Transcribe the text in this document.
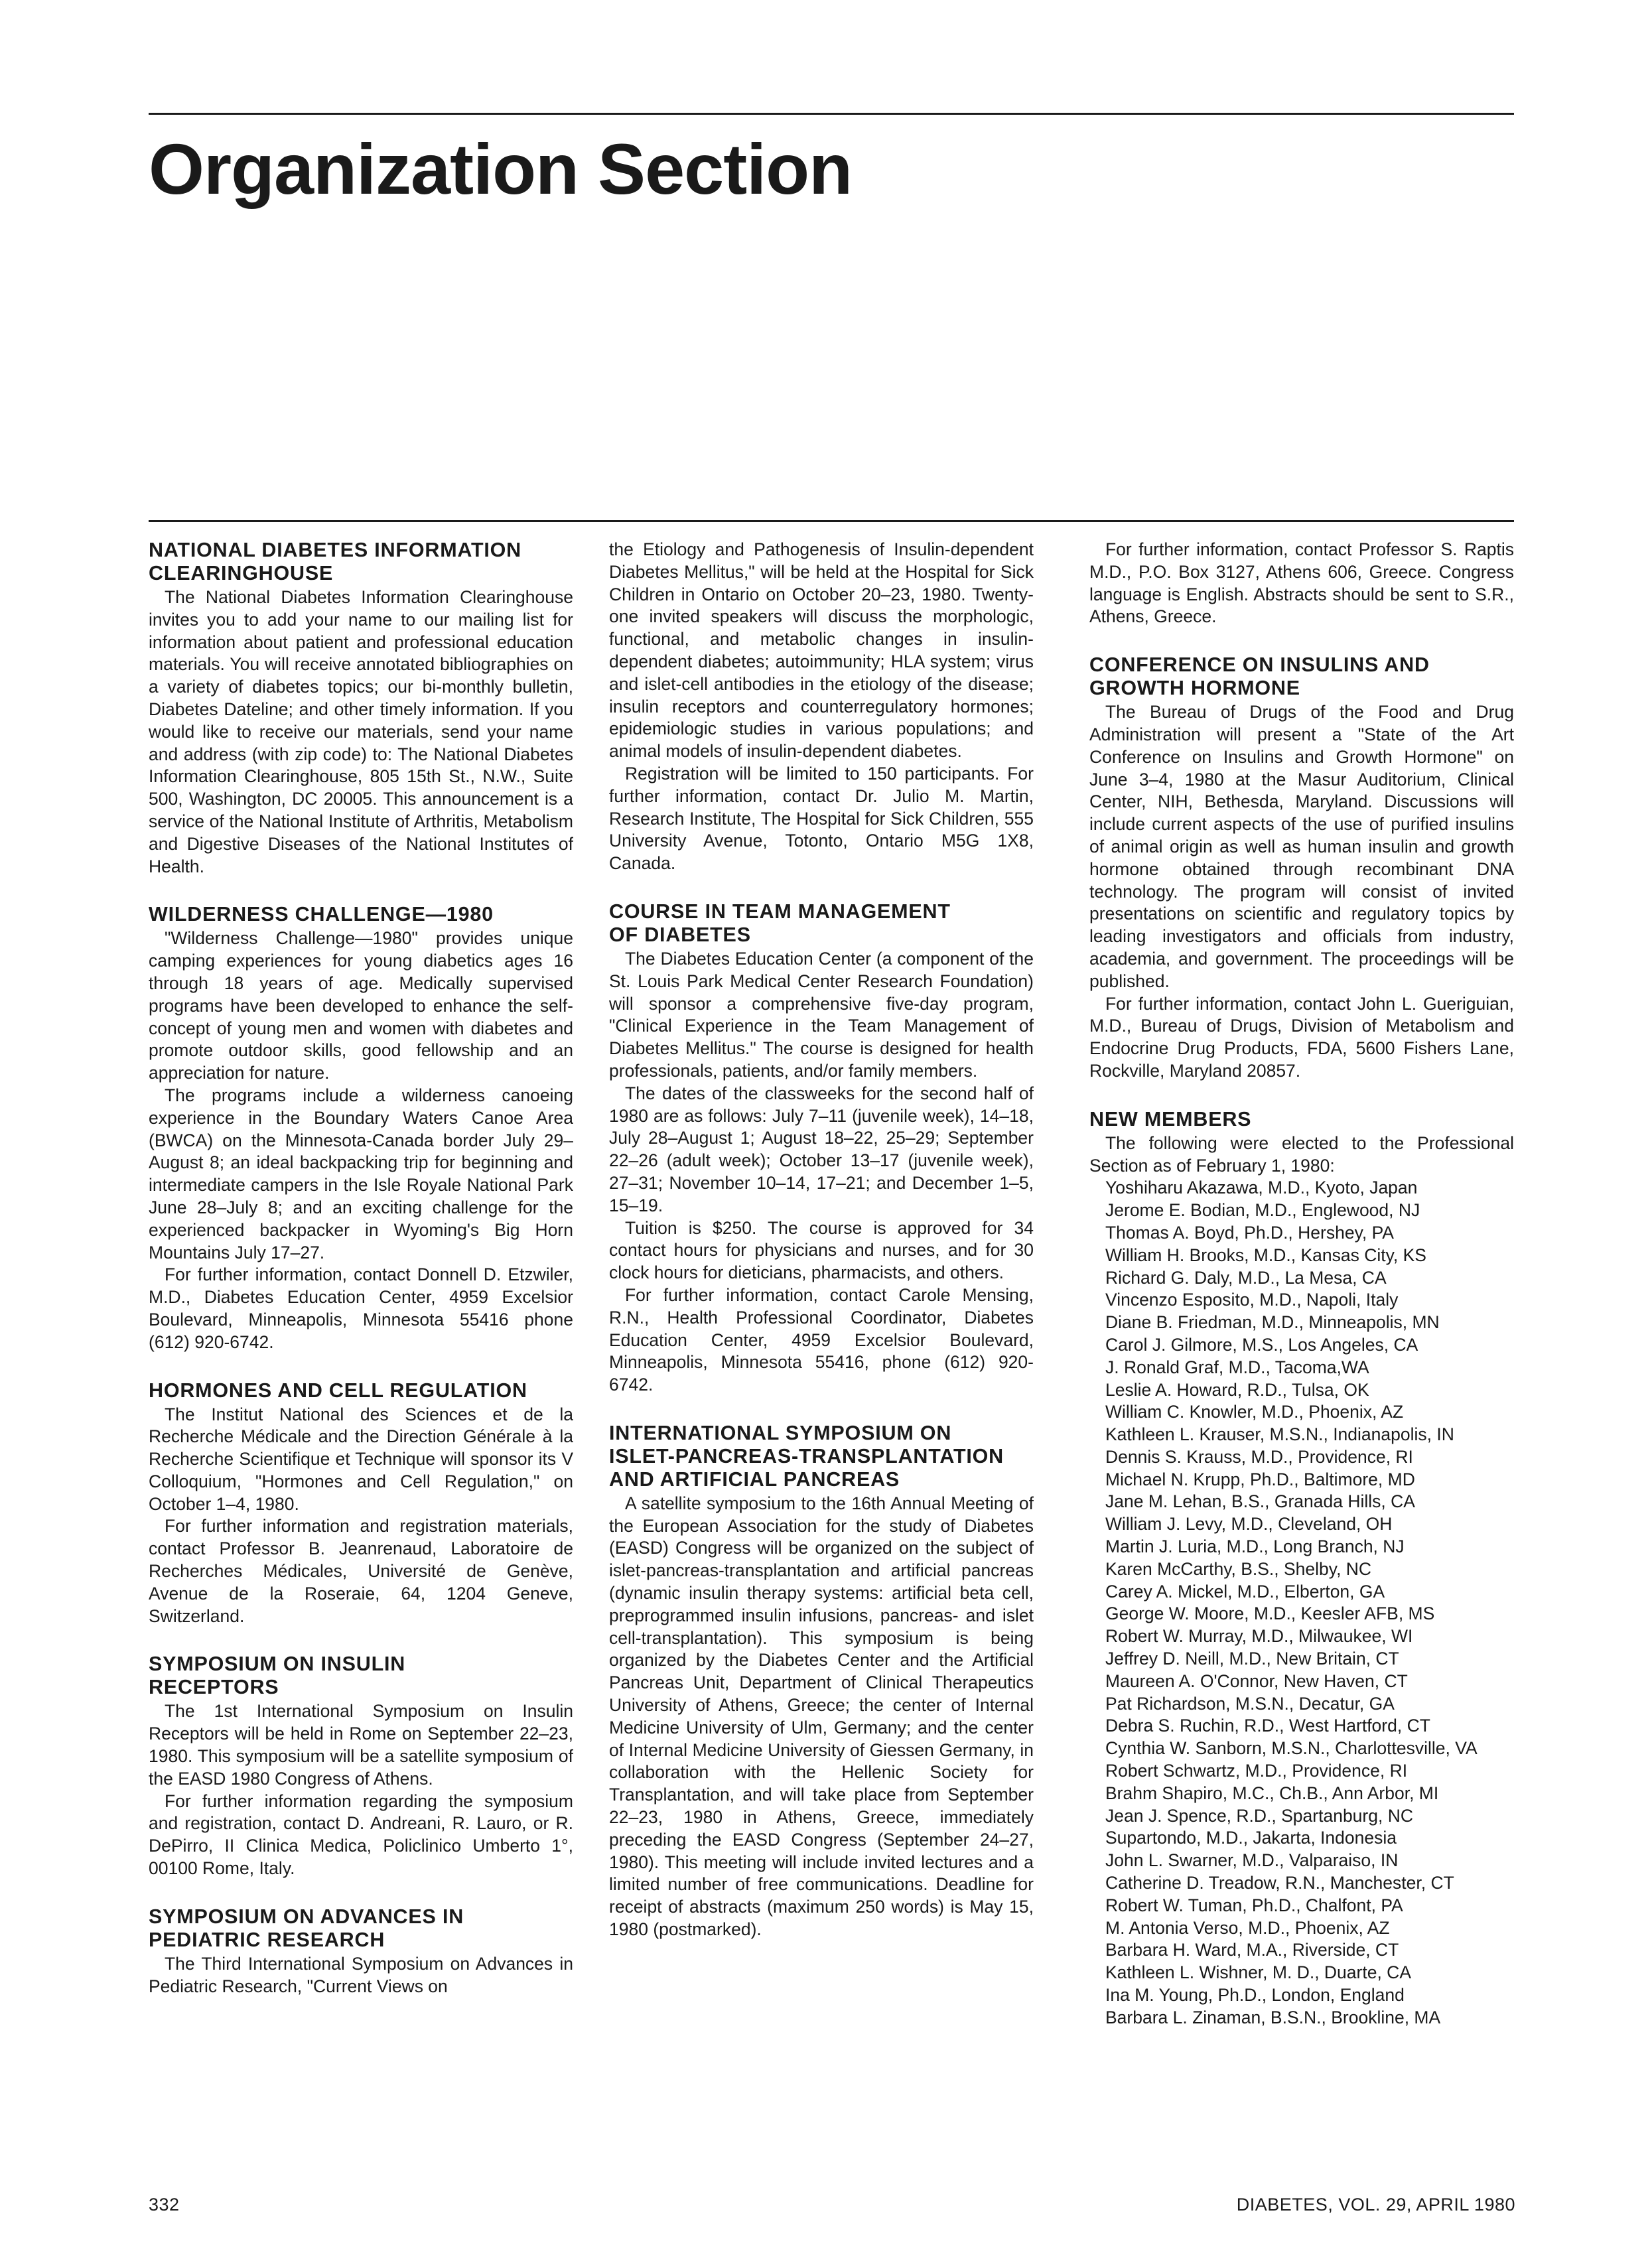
Organization Section
NATIONAL DIABETES INFORMATION
CLEARINGHOUSE

The National Diabetes Information Clearinghouse invites you to add your name to our mailing list for information about patient and professional education materials. You will receive annotated bibliographies on a variety of diabetes topics; our bi-monthly bulletin, Diabetes Dateline; and other timely information. If you would like to receive our materials, send your name and address (with zip code) to: The National Diabetes Information Clearinghouse, 805 15th St., N.W., Suite 500, Washington, DC 20005. This announcement is a service of the National Institute of Arthritis, Metabolism and Digestive Diseases of the National Institutes of Health.

WILDERNESS CHALLENGE—1980

"Wilderness Challenge—1980" provides unique camping experiences for young diabetics ages 16 through 18 years of age. Medically supervised programs have been developed to enhance the self-concept of young men and women with diabetes and promote outdoor skills, good fellowship and an appreciation for nature.

The programs include a wilderness canoeing experience in the Boundary Waters Canoe Area (BWCA) on the Minnesota-Canada border July 29–August 8; an ideal backpacking trip for beginning and intermediate campers in the Isle Royale National Park June 28–July 8; and an exciting challenge for the experienced backpacker in Wyoming's Big Horn Mountains July 17–27.

For further information, contact Donnell D. Etzwiler, M.D., Diabetes Education Center, 4959 Excelsior Boulevard, Minneapolis, Minnesota 55416 phone (612) 920-6742.

HORMONES AND CELL REGULATION

The Institut National des Sciences et de la Recherche Médicale and the Direction Générale à la Recherche Scientifique et Technique will sponsor its V Colloquium, "Hormones and Cell Regulation," on October 1–4, 1980.

For further information and registration materials, contact Professor B. Jeanrenaud, Laboratoire de Recherches Médicales, Université de Genève, Avenue de la Roseraie, 64, 1204 Geneve, Switzerland.

SYMPOSIUM ON INSULIN
RECEPTORS

The 1st International Symposium on Insulin Receptors will be held in Rome on September 22–23, 1980. This symposium will be a satellite symposium of the EASD 1980 Congress of Athens.

For further information regarding the symposium and registration, contact D. Andreani, R. Lauro, or R. DePirro, II Clinica Medica, Policlinico Umberto 1°, 00100 Rome, Italy.

SYMPOSIUM ON ADVANCES IN
PEDIATRIC RESEARCH

The Third International Symposium on Advances in Pediatric Research, "Current Views on

the Etiology and Pathogenesis of Insulin-dependent Diabetes Mellitus," will be held at the Hospital for Sick Children in Ontario on October 20–23, 1980. Twenty-one invited speakers will discuss the morphologic, functional, and metabolic changes in insulin-dependent diabetes; autoimmunity; HLA system; virus and islet-cell antibodies in the etiology of the disease; insulin receptors and counterregulatory hormones; epidemiologic studies in various populations; and animal models of insulin-dependent diabetes.

Registration will be limited to 150 participants. For further information, contact Dr. Julio M. Martin, Research Institute, The Hospital for Sick Children, 555 University Avenue, Totonto, Ontario M5G 1X8, Canada.

COURSE IN TEAM MANAGEMENT
OF DIABETES

The Diabetes Education Center (a component of the St. Louis Park Medical Center Research Foundation) will sponsor a comprehensive five-day program, "Clinical Experience in the Team Management of Diabetes Mellitus." The course is designed for health professionals, patients, and/or family members.

The dates of the classweeks for the second half of 1980 are as follows: July 7–11 (juvenile week), 14–18, July 28–August 1; August 18–22, 25–29; September 22–26 (adult week); October 13–17 (juvenile week), 27–31; November 10–14, 17–21; and December 1–5, 15–19.

Tuition is $250. The course is approved for 34 contact hours for physicians and nurses, and for 30 clock hours for dieticians, pharmacists, and others.

For further information, contact Carole Mensing, R.N., Health Professional Coordinator, Diabetes Education Center, 4959 Excelsior Boulevard, Minneapolis, Minnesota 55416, phone (612) 920-6742.

INTERNATIONAL SYMPOSIUM ON
ISLET-PANCREAS-TRANSPLANTATION
AND ARTIFICIAL PANCREAS

A satellite symposium to the 16th Annual Meeting of the European Association for the study of Diabetes (EASD) Congress will be organized on the subject of islet-pancreas-transplantation and artificial pancreas (dynamic insulin therapy systems: artificial beta cell, preprogrammed insulin infusions, pancreas- and islet cell-transplantation). This symposium is being organized by the Diabetes Center and the Artificial Pancreas Unit, Department of Clinical Therapeutics University of Athens, Greece; the center of Internal Medicine University of Ulm, Germany; and the center of Internal Medicine University of Giessen Germany, in collaboration with the Hellenic Society for Transplantation, and will take place from September 22–23, 1980 in Athens, Greece, immediately preceding the EASD Congress (September 24–27, 1980). This meeting will include invited lectures and a limited number of free communications. Deadline for receipt of abstracts (maximum 250 words) is May 15, 1980 (postmarked).

For further information, contact Professor S. Raptis M.D., P.O. Box 3127, Athens 606, Greece. Congress language is English. Abstracts should be sent to S.R., Athens, Greece.

CONFERENCE ON INSULINS AND
GROWTH HORMONE

The Bureau of Drugs of the Food and Drug Administration will present a "State of the Art Conference on Insulins and Growth Hormone" on June 3–4, 1980 at the Masur Auditorium, Clinical Center, NIH, Bethesda, Maryland. Discussions will include current aspects of the use of purified insulins of animal origin as well as human insulin and growth hormone obtained through recombinant DNA technology. The program will consist of invited presentations on scientific and regulatory topics by leading investigators and officials from industry, academia, and government. The proceedings will be published.

For further information, contact John L. Gueriguian, M.D., Bureau of Drugs, Division of Metabolism and Endocrine Drug Products, FDA, 5600 Fishers Lane, Rockville, Maryland 20857.

NEW MEMBERS

The following were elected to the Professional Section as of February 1, 1980:

Yoshiharu Akazawa, M.D., Kyoto, Japan
Jerome E. Bodian, M.D., Englewood, NJ
Thomas A. Boyd, Ph.D., Hershey, PA
William H. Brooks, M.D., Kansas City, KS
Richard G. Daly, M.D., La Mesa, CA
Vincenzo Esposito, M.D., Napoli, Italy
Diane B. Friedman, M.D., Minneapolis, MN
Carol J. Gilmore, M.S., Los Angeles, CA
J. Ronald Graf, M.D., Tacoma,WA
Leslie A. Howard, R.D., Tulsa, OK
William C. Knowler, M.D., Phoenix, AZ
Kathleen L. Krauser, M.S.N., Indianapolis, IN
Dennis S. Krauss, M.D., Providence, RI
Michael N. Krupp, Ph.D., Baltimore, MD
Jane M. Lehan, B.S., Granada Hills, CA
William J. Levy, M.D., Cleveland, OH
Martin J. Luria, M.D., Long Branch, NJ
Karen McCarthy, B.S., Shelby, NC
Carey A. Mickel, M.D., Elberton, GA
George W. Moore, M.D., Keesler AFB, MS
Robert W. Murray, M.D., Milwaukee, WI
Jeffrey D. Neill, M.D., New Britain, CT
Maureen A. O'Connor, New Haven, CT
Pat Richardson, M.S.N., Decatur, GA
Debra S. Ruchin, R.D., West Hartford, CT
Cynthia W. Sanborn, M.S.N., Charlottesville, VA
Robert Schwartz, M.D., Providence, RI
Brahm Shapiro, M.C., Ch.B., Ann Arbor, MI
Jean J. Spence, R.D., Spartanburg, NC
Supartondo, M.D., Jakarta, Indonesia
John L. Swarner, M.D., Valparaiso, IN
Catherine D. Treadow, R.N., Manchester, CT
Robert W. Tuman, Ph.D., Chalfont, PA
M. Antonia Verso, M.D., Phoenix, AZ
Barbara H. Ward, M.A., Riverside, CT
Kathleen L. Wishner, M. D., Duarte, CA
Ina M. Young, Ph.D., London, England
Barbara L. Zinaman, B.S.N., Brookline, MA
332	DIABETES, VOL. 29, APRIL 1980
